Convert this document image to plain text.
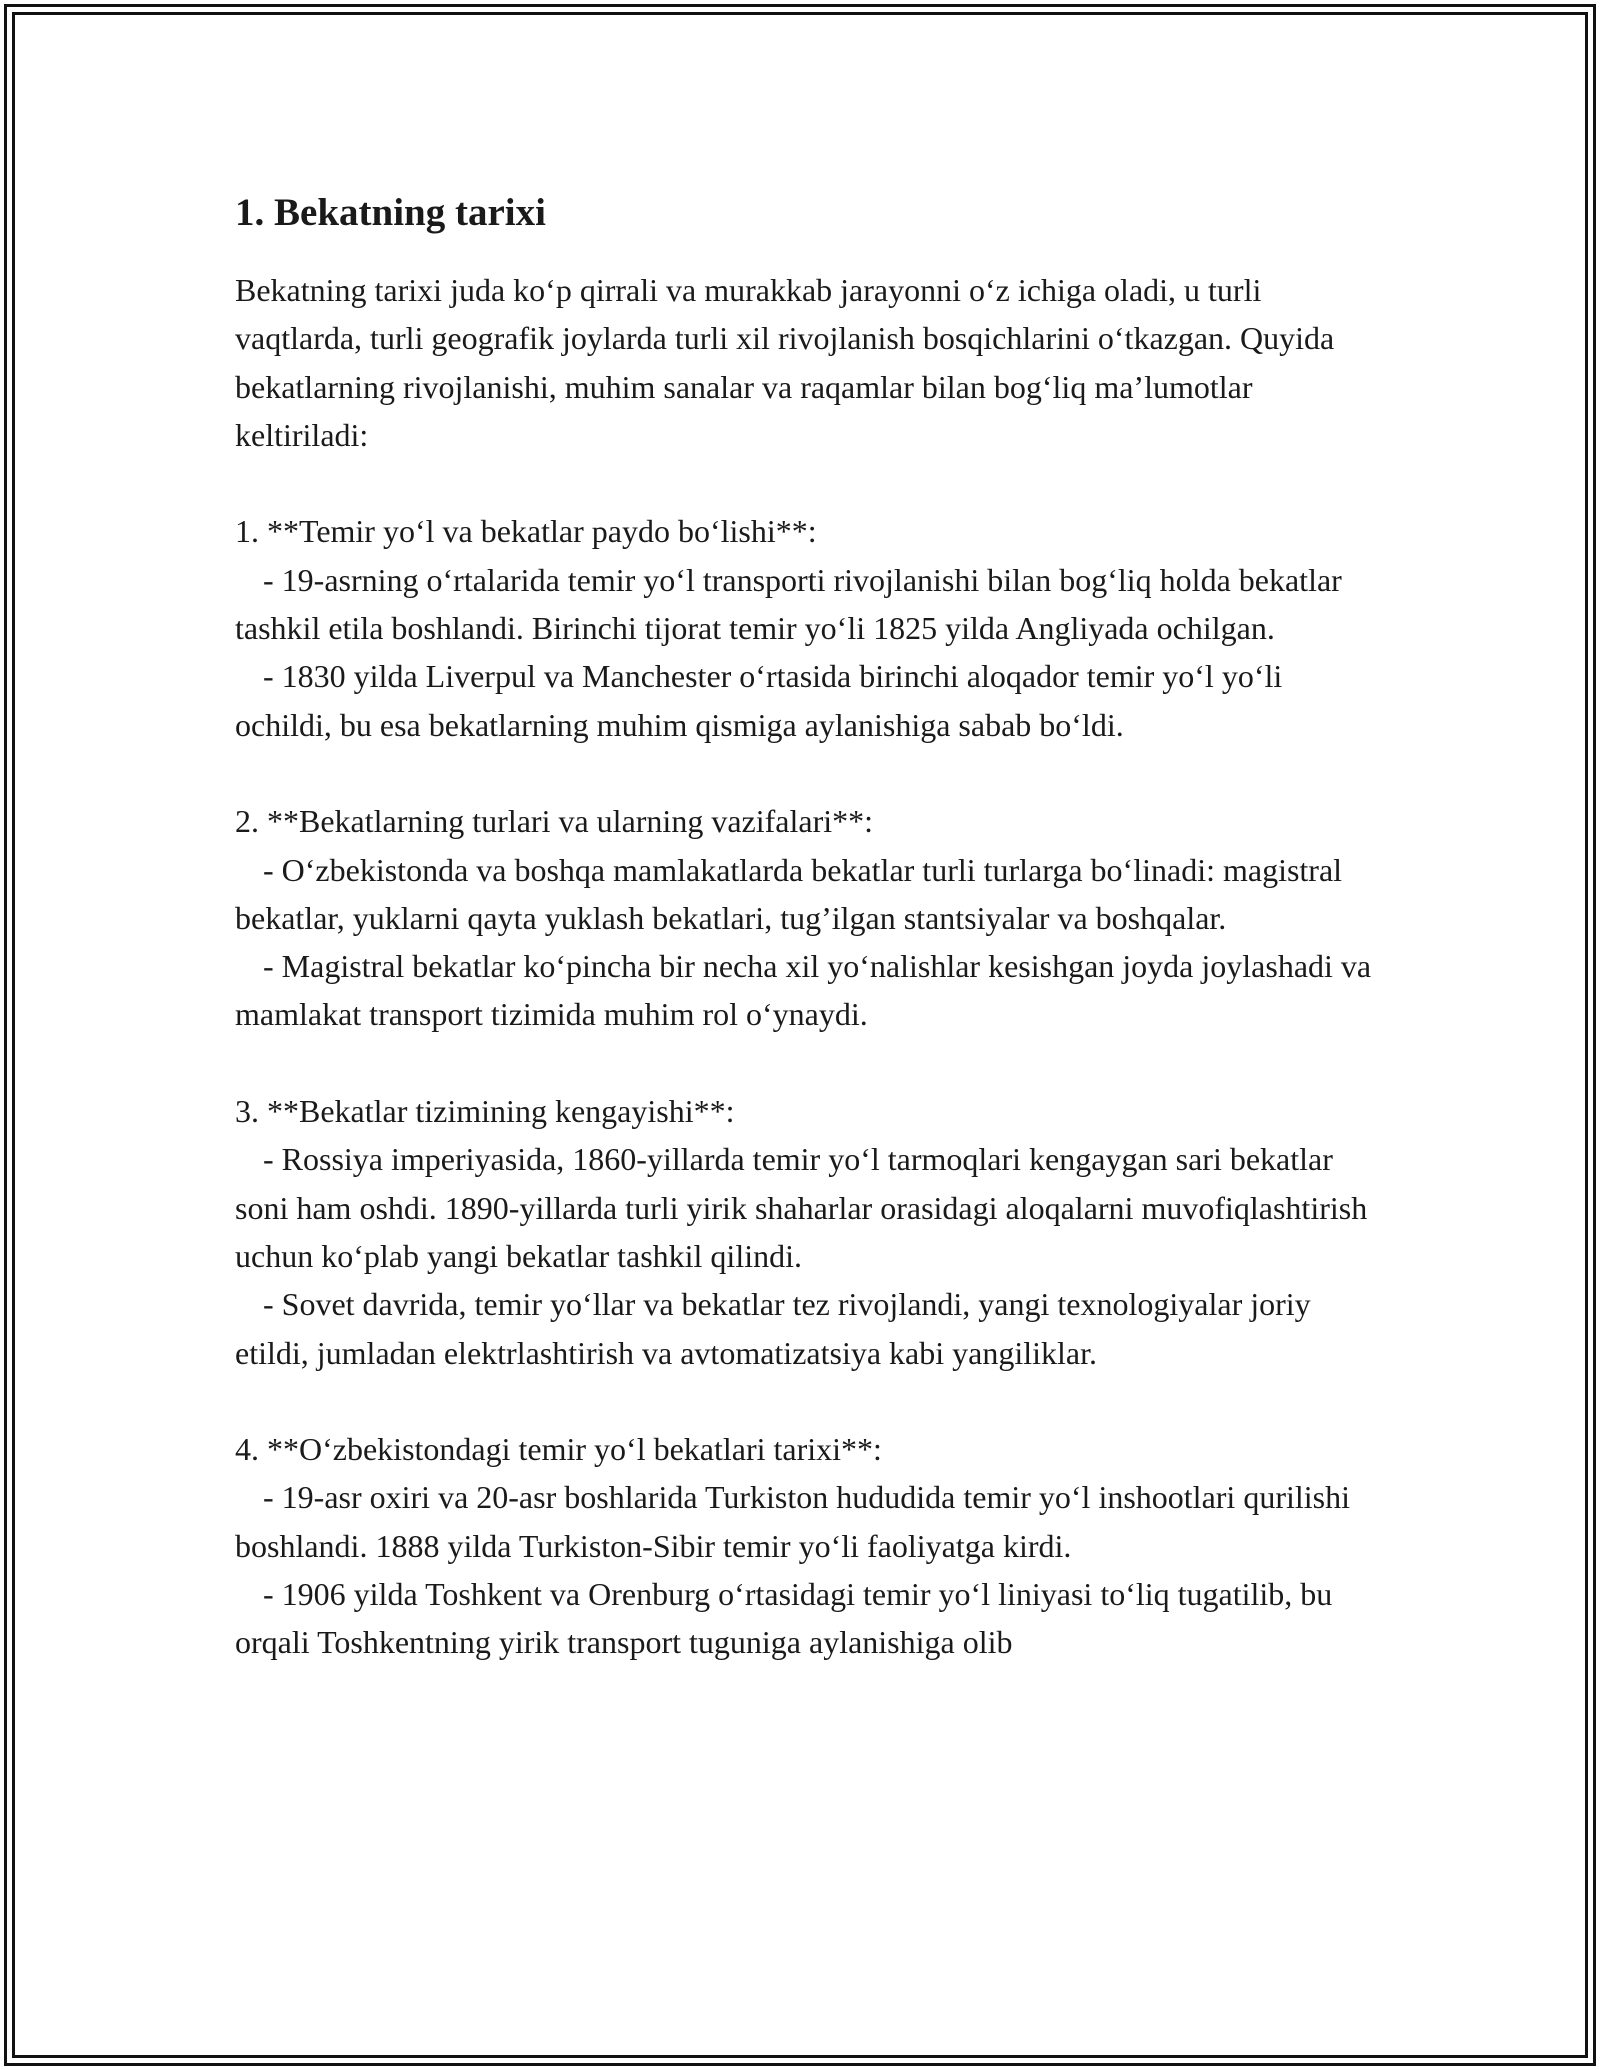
1. Bekatning tarixi

Bekatning tarixi juda ko‘p qirrali va murakkab jarayonni o‘z ichiga oladi, u turli vaqtlarda, turli geografik joylarda turli xil rivojlanish bosqichlarini o‘tkazgan. Quyida bekatlarning rivojlanishi, muhim sanalar va raqamlar bilan bog‘liq ma’lumotlar keltiriladi:

1. **Temir yo‘l va bekatlar paydo bo‘lishi**:

- 19-asrning o‘rtalarida temir yo‘l transporti rivojlanishi bilan bog‘liq holda bekatlar tashkil etila boshlandi. Birinchi tijorat temir yo‘li 1825 yilda Angliyada ochilgan.

- 1830 yilda Liverpul va Manchester o‘rtasida birinchi aloqador temir yo‘l yo‘li ochildi, bu esa bekatlarning muhim qismiga aylanishiga sabab bo‘ldi.

2. **Bekatlarning turlari va ularning vazifalari**:

- O‘zbekistonda va boshqa mamlakatlarda bekatlar turli turlarga bo‘linadi: magistral bekatlar, yuklarni qayta yuklash bekatlari, tug’ilgan stantsiyalar va boshqalar.

- Magistral bekatlar ko‘pincha bir necha xil yo‘nalishlar kesishgan joyda joylashadi va mamlakat transport tizimida muhim rol o‘ynaydi.

3. **Bekatlar tizimining kengayishi**:

- Rossiya imperiyasida, 1860-yillarda temir yo‘l tarmoqlari kengaygan sari bekatlar soni ham oshdi. 1890-yillarda turli yirik shaharlar orasidagi aloqalarni muvofiqlashtirish uchun ko‘plab yangi bekatlar tashkil qilindi.

- Sovet davrida, temir yo‘llar va bekatlar tez rivojlandi, yangi texnologiyalar joriy etildi, jumladan elektrlashtirish va avtomatizatsiya kabi yangiliklar.

4. **O‘zbekistondagi temir yo‘l bekatlari tarixi**:

- 19-asr oxiri va 20-asr boshlarida Turkiston hududida temir yo‘l inshootlari qurilishi boshlandi. 1888 yilda Turkiston-Sibir temir yo‘li faoliyatga kirdi.

- 1906 yilda Toshkent va Orenburg o‘rtasidagi temir yo‘l liniyasi to‘liq tugatilib, bu orqali Toshkentning yirik transport tuguniga aylanishiga olib
